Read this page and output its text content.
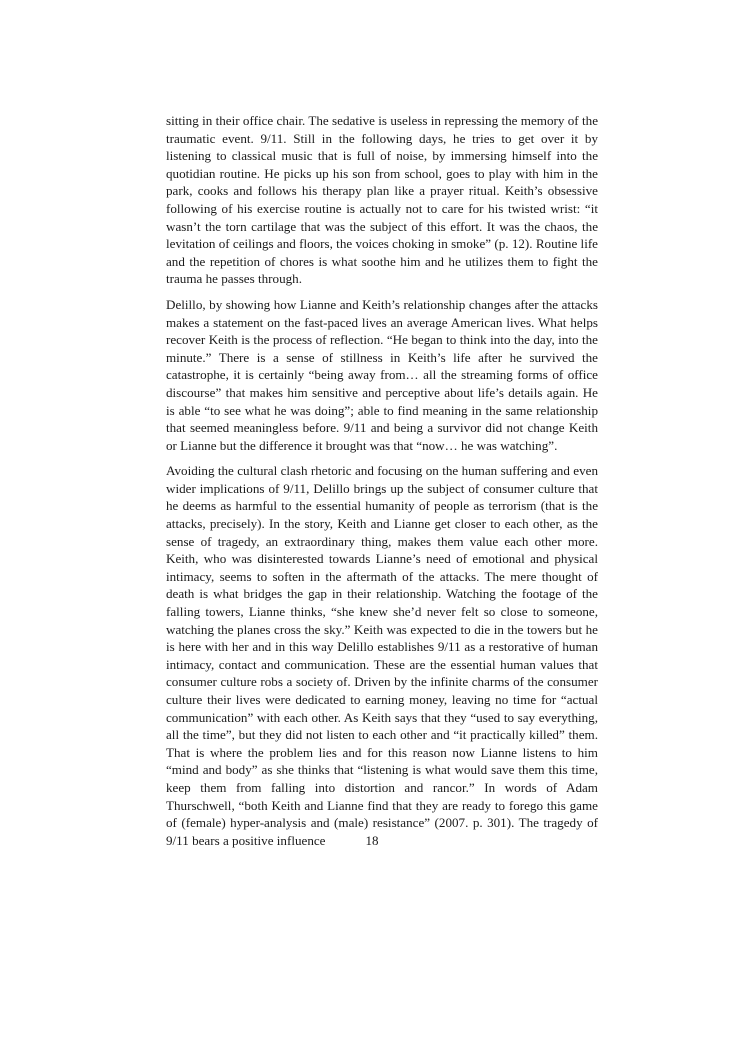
sitting in their office chair. The sedative is useless in repressing the memory of the traumatic event. 9/11. Still in the following days, he tries to get over it by listening to classical music that is full of noise, by immersing himself into the quotidian routine. He picks up his son from school, goes to play with him in the park, cooks and follows his therapy plan like a prayer ritual. Keith’s obsessive following of his exercise routine is actually not to care for his twisted wrist: “it wasn’t the torn cartilage that was the subject of this effort. It was the chaos, the levitation of ceilings and floors, the voices choking in smoke” (p. 12). Routine life and the repetition of chores is what soothe him and he utilizes them to fight the trauma he passes through.

Delillo, by showing how Lianne and Keith’s relationship changes after the attacks makes a statement on the fast-paced lives an average American lives. What helps recover Keith is the process of reflection. “He began to think into the day, into the minute.” There is a sense of stillness in Keith’s life after he survived the catastrophe, it is certainly “being away from… all the streaming forms of office discourse” that makes him sensitive and perceptive about life’s details again. He is able “to see what he was doing”; able to find meaning in the same relationship that seemed meaningless before. 9/11 and being a survivor did not change Keith or Lianne but the difference it brought was that “now… he was watching”.

Avoiding the cultural clash rhetoric and focusing on the human suffering and even wider implications of 9/11, Delillo brings up the subject of consumer culture that he deems as harmful to the essential humanity of people as terrorism (that is the attacks, precisely). In the story, Keith and Lianne get closer to each other, as the sense of tragedy, an extraordinary thing, makes them value each other more. Keith, who was disinterested towards Lianne’s need of emotional and physical intimacy, seems to soften in the aftermath of the attacks. The mere thought of death is what bridges the gap in their relationship. Watching the footage of the falling towers, Lianne thinks, “she knew she’d never felt so close to someone, watching the planes cross the sky.” Keith was expected to die in the towers but he is here with her and in this way Delillo establishes 9/11 as a restorative of human intimacy, contact and communication. These are the essential human values that consumer culture robs a society of. Driven by the infinite charms of the consumer culture their lives were dedicated to earning money, leaving no time for “actual communication” with each other. As Keith says that they “used to say everything, all the time”, but they did not listen to each other and “it practically killed” them. That is where the problem lies and for this reason now Lianne listens to him “mind and body” as she thinks that “listening is what would save them this time, keep them from falling into distortion and rancor.” In words of Adam Thurschwell, “both Keith and Lianne find that they are ready to forego this game of (female) hyper-analysis and (male) resistance” (2007. p. 301). The tragedy of 9/11 bears a positive influence	18
